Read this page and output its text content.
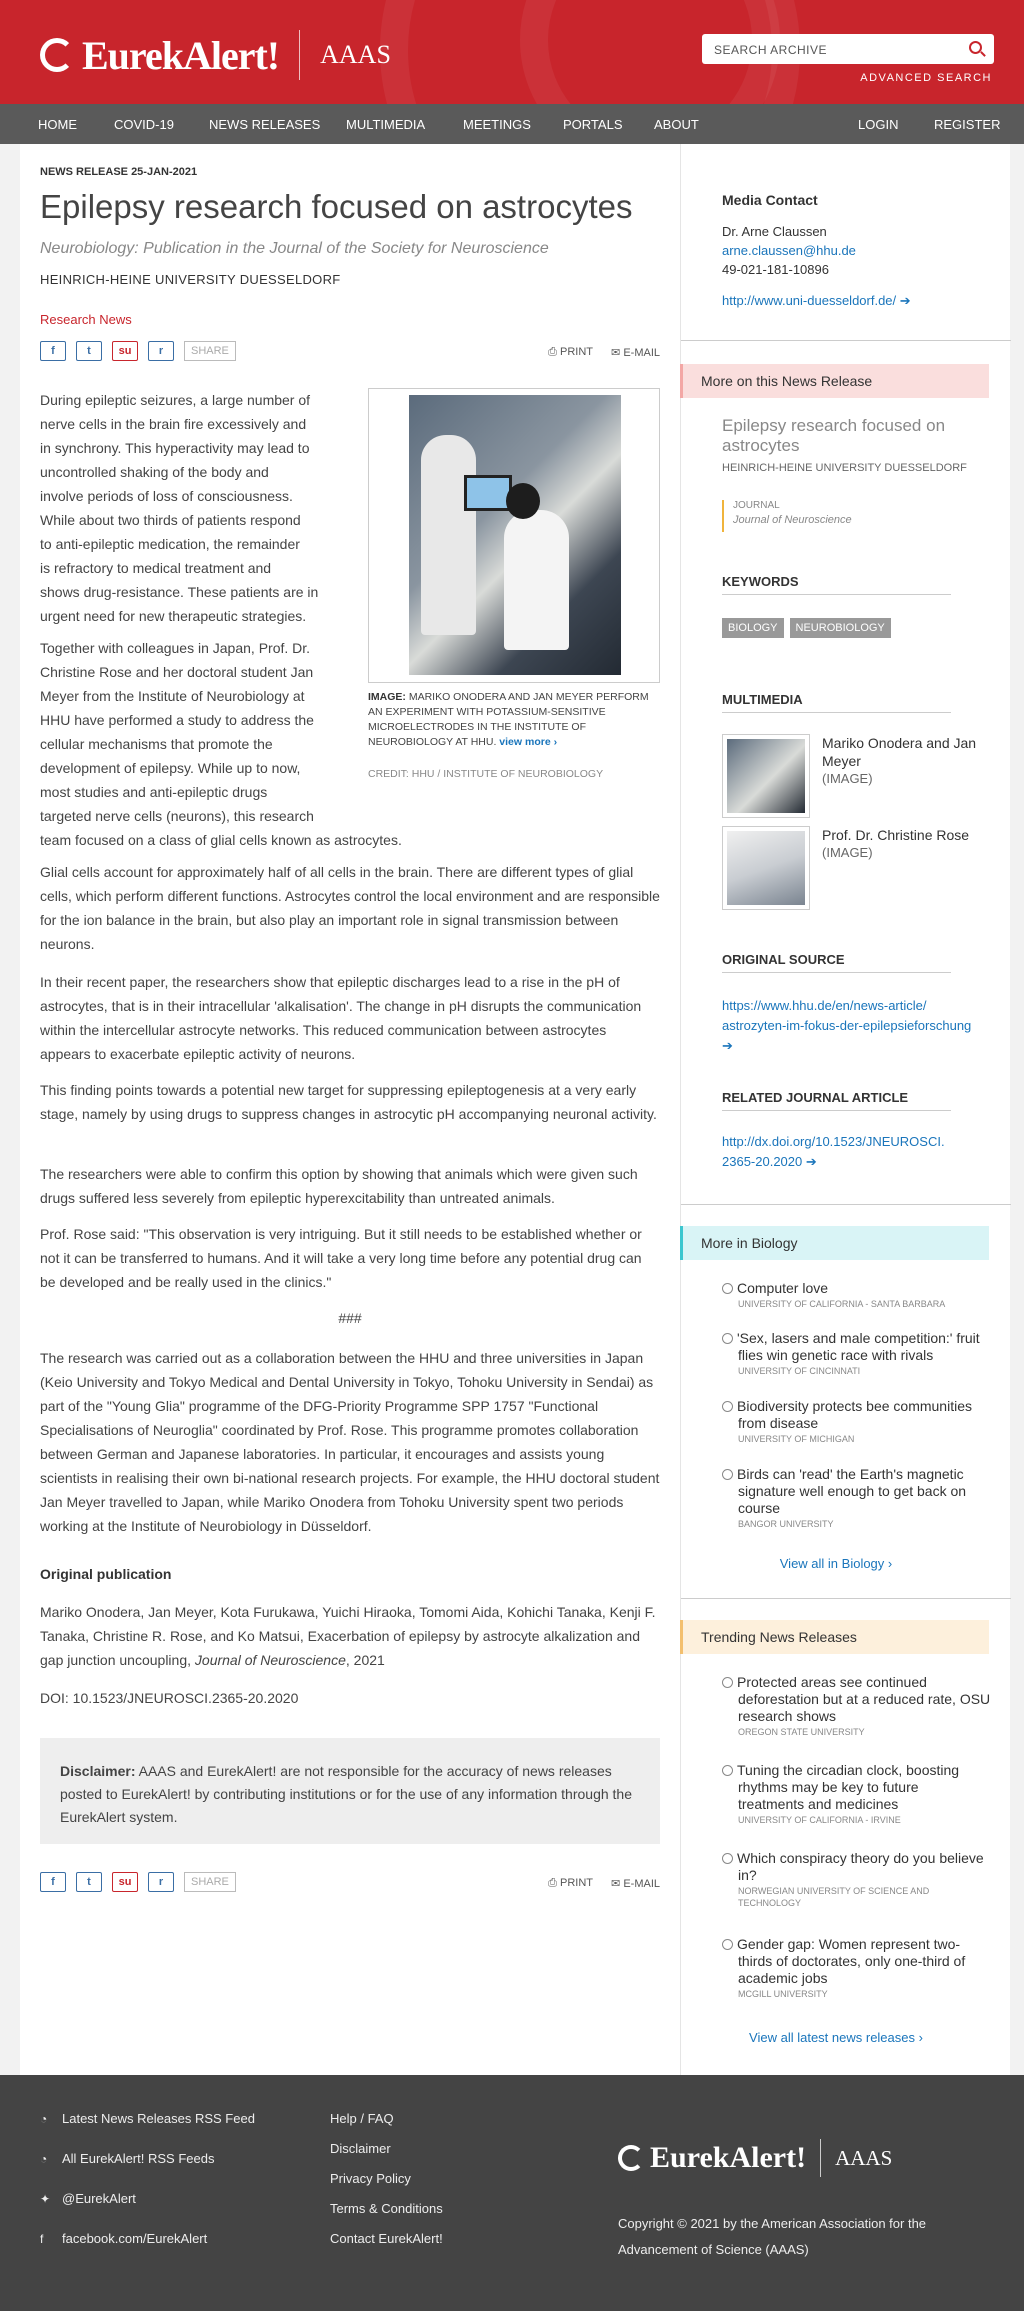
EurekAlert! AAAS	SEARCH ARCHIVE
ADVANCED SEARCH
HOME	COVID-19	NEWS RELEASES MULTIMEDIA	MEETINGS PORTALS ABOUT	LOGIN	REGISTER
NEWS RELEASE 25-JAN-2021
Epilepsy research focused on astrocytes
Neurobiology: Publication in the Journal of the Society for Neuroscience
HEINRICH-HEINE UNIVERSITY DUESSELDORF
Research News
f	t	su	r	SHARE	⎙ PRINT ✉ E-MAIL
During epileptic seizures, a large number of
nerve cells in the brain fire excessively and
in synchrony. This hyperactivity may lead to
uncontrolled shaking of the body and
involve periods of loss of consciousness.
While about two thirds of patients respond
to anti-epileptic medication, the remainder
is refractory to medical treatment and
shows drug-resistance. These patients are in
urgent need for new therapeutic strategies.
Together with colleagues in Japan, Prof. Dr.
Christine Rose and her doctoral student Jan
Meyer from the Institute of Neurobiology at
HHU have performed a study to address the
cellular mechanisms that promote the
development of epilepsy. While up to now,
most studies and anti-epileptic drugs
targeted nerve cells (neurons), this research
team focused on a class of glial cells known as astrocytes.
IMAGE: MARIKO ONODERA AND JAN MEYER PERFORM AN EXPERIMENT WITH POTASSIUM-SENSITIVE MICROELECTRODES IN THE INSTITUTE OF NEUROBIOLOGY AT HHU. view more ›
CREDIT: HHU / INSTITUTE OF NEUROBIOLOGY
Glial cells account for approximately half of all cells in the brain. There are different types of glial cells, which perform different functions. Astrocytes control the local environment and are responsible for the ion balance in the brain, but also play an important role in signal transmission between neurons.
In their recent paper, the researchers show that epileptic discharges lead to a rise in the pH of astrocytes, that is in their intracellular 'alkalisation'. The change in pH disrupts the communication within the intercellular astrocyte networks. This reduced communication between astrocytes appears to exacerbate epileptic activity of neurons.
This finding points towards a potential new target for suppressing epileptogenesis at a very early stage, namely by using drugs to suppress changes in astrocytic pH accompanying neuronal activity.
The researchers were able to confirm this option by showing that animals which were given such drugs suffered less severely from epileptic hyperexcitability than untreated animals.
Prof. Rose said: "This observation is very intriguing. But it still needs to be established whether or not it can be transferred to humans. And it will take a very long time before any potential drug can be developed and be really used in the clinics."
###
The research was carried out as a collaboration between the HHU and three universities in Japan (Keio University and Tokyo Medical and Dental University in Tokyo, Tohoku University in Sendai) as part of the "Young Glia" programme of the DFG-Priority Programme SPP 1757 "Functional Specialisations of Neuroglia" coordinated by Prof. Rose. This programme promotes collaboration between German and Japanese laboratories. In particular, it encourages and assists young scientists in realising their own bi-national research projects. For example, the HHU doctoral student Jan Meyer travelled to Japan, while Mariko Onodera from Tohoku University spent two periods working at the Institute of Neurobiology in Düsseldorf.
Original publication
Mariko Onodera, Jan Meyer, Kota Furukawa, Yuichi Hiraoka, Tomomi Aida, Kohichi Tanaka, Kenji F. Tanaka, Christine R. Rose, and Ko Matsui, Exacerbation of epilepsy by astrocyte alkalization and gap junction uncoupling, Journal of Neuroscience, 2021
DOI: 10.1523/JNEUROSCI.2365-20.2020
Disclaimer: AAAS and EurekAlert! are not responsible for the accuracy of news releases posted to EurekAlert! by contributing institutions or for the use of any information through the EurekAlert system.
f	t	su	r	SHARE	⎙ PRINT ✉ E-MAIL
Media Contact
Dr. Arne Claussen
arne.claussen@hhu.de
49-021-181-10896
http://www.uni-duesseldorf.de/ ➔
More on this News Release
Epilepsy research focused on astrocytes
HEINRICH-HEINE UNIVERSITY DUESSELDORF
JOURNAL
Journal of Neuroscience
KEYWORDS
BIOLOGY NEUROBIOLOGY
MULTIMEDIA
Mariko Onodera and Jan Meyer
(IMAGE)
Prof. Dr. Christine Rose
(IMAGE)
ORIGINAL SOURCE
https://www.hhu.de/en/news-article/
astrozyten-im-fokus-der-epilepsieforschung
➔
RELATED JOURNAL ARTICLE
http://dx.doi.org/10.1523/JNEUROSCI.
2365-20.2020 ➔
More in Biology
Computer love
UNIVERSITY OF CALIFORNIA - SANTA BARBARA
'Sex, lasers and male competition:' fruit
flies win genetic race with rivals
UNIVERSITY OF CINCINNATI
Biodiversity protects bee communities
from disease
UNIVERSITY OF MICHIGAN
Birds can 'read' the Earth's magnetic
signature well enough to get back on
course
BANGOR UNIVERSITY
View all in Biology ›
Trending News Releases
Protected areas see continued
deforestation but at a reduced rate, OSU
research shows
OREGON STATE UNIVERSITY
Tuning the circadian clock, boosting
rhythms may be key to future
treatments and medicines
UNIVERSITY OF CALIFORNIA - IRVINE
Which conspiracy theory do you believe
in?
NORWEGIAN UNIVERSITY OF SCIENCE AND
TECHNOLOGY
Gender gap: Women represent two-
thirds of doctorates, only one-third of
academic jobs
MCGILL UNIVERSITY
View all latest news releases ›
◔ Latest News Releases RSS Feed
◔ All EurekAlert! RSS Feeds
✦ @EurekAlert
f facebook.com/EurekAlert
Help / FAQ
Disclaimer
Privacy Policy
Terms & Conditions
Contact EurekAlert!
EurekAlert! AAAS
Copyright © 2021 by the American Association for the
Advancement of Science (AAAS)
